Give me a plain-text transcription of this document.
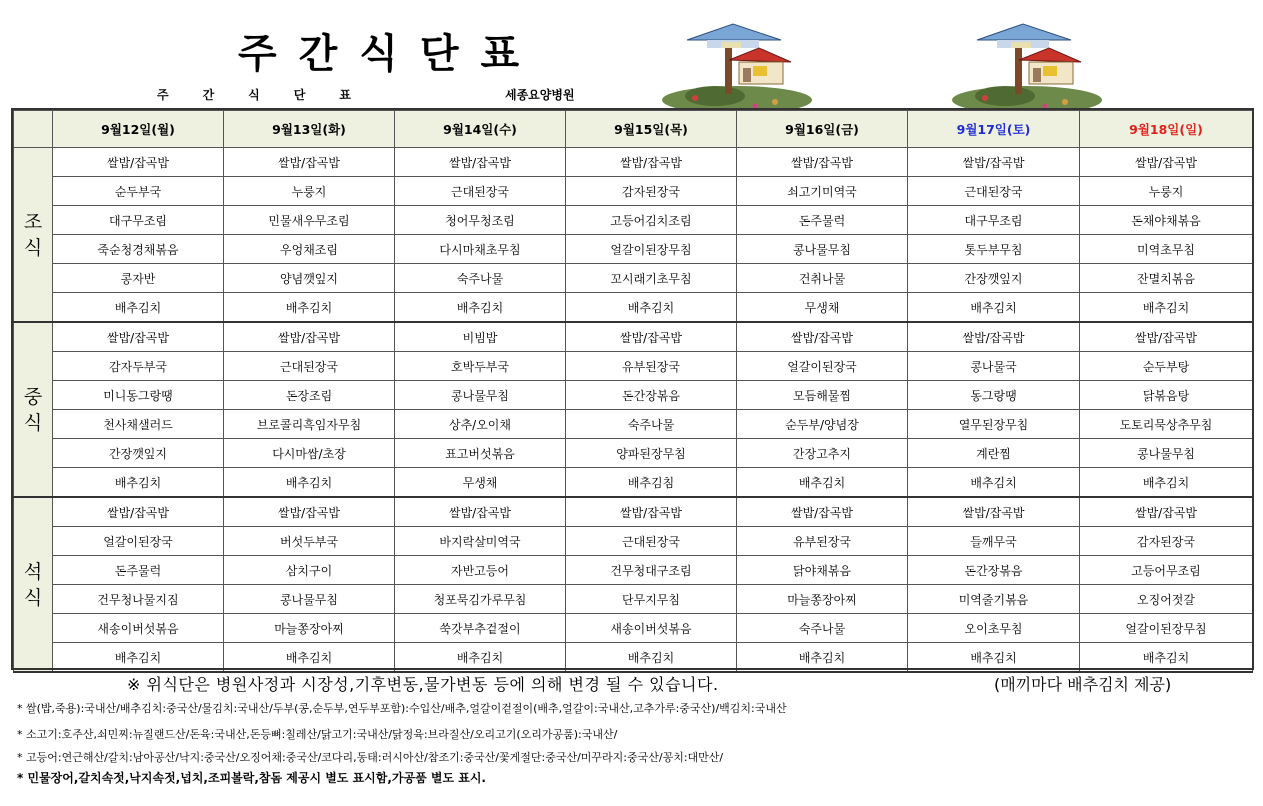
주간식단표
주간식단표	세종요양병원
	9월12일(월)	9월13일(화)	9월14일(수)	9월15일(목)	9월16일(금)	9월17일(토)	9월18일(일)
조
식	쌀밥/잡곡밥	쌀밥/잡곡밥	쌀밥/잡곡밥	쌀밥/잡곡밥	쌀밥/잡곡밥	쌀밥/잡곡밥	쌀밥/잡곡밥
	순두부국	누룽지	근대된장국	감자된장국	쇠고기미역국	근대된장국	누룽지
	대구무조림	민물새우무조림	청어무청조림	고등어김치조림	돈주물럭	대구무조림	돈채야채볶음
	죽순청경채볶음	우엉채조림	다시마채초무침	얼갈이된장무침	콩나물무침	톳두부무침	미역초무침
	콩자반	양념깻잎지	숙주나물	꼬시래기초무침	건취나물	간장깻잎지	잔멸치볶음
	배추김치	배추김치	배추김치	배추김치	무생채	배추김치	배추김치
중
식	쌀밥/잡곡밥	쌀밥/잡곡밥	비빔밥	쌀밥/잡곡밥	쌀밥/잡곡밥	쌀밥/잡곡밥	쌀밥/잡곡밥
	감자두부국	근대된장국	호박두부국	유부된장국	얼갈이된장국	콩나물국	순두부탕
	미니동그랑땡	돈장조림	콩나물무침	돈간장볶음	모듬해물찜	동그랑땡	닭볶음탕
	천사채샐러드	브로콜리흑임자무침	상추/오이채	숙주나물	순두부/양념장	열무된장무침	도토리묵상추무침
	간장깻잎지	다시마쌈/초장	표고버섯볶음	양파된장무침	간장고추지	계란찜	콩나물무침
	배추김치	배추김치	무생채	배추김침	배추김치	배추김치	배추김치
석
식	쌀밥/잡곡밥	쌀밥/잡곡밥	쌀밥/잡곡밥	쌀밥/잡곡밥	쌀밥/잡곡밥	쌀밥/잡곡밥	쌀밥/잡곡밥
	얼갈이된장국	버섯두부국	바지락살미역국	근대된장국	유부된장국	들깨무국	감자된장국
	돈주물럭	삼치구이	자반고등어	건무청대구조림	닭야채볶음	돈간장볶음	고등어무조림
	건무청나물지짐	콩나물무침	청포묵김가루무침	단무지무침	마늘쫑장아찌	미역줄기볶음	오징어젓갈
	새송이버섯볶음	마늘쫑장아찌	쑥갓부추겉절이	새송이버섯볶음	숙주나물	오이초무침	얼갈이된장무침
	배추김치	배추김치	배추김치	배추김치	배추김치	배추김치	배추김치
※ 위식단은 병원사정과 시장성,기후변동,물가변동 등에 의해 변경 될 수 있습니다.	(매끼마다 배추김치 제공)
* 쌀(밥,죽용):국내산/배추김치:중국산/물김치:국내산/두부(콩,순두부,연두부포함):수입산/배추,얼갈이겉절이(배추,얼갈이:국내산,고추가루:중국산)/백김치:국내산
* 소고기:호주산,쇠민찌:뉴질랜드산/돈육:국내산,돈등뼈:칠레산/닭고기:국내산/닭정육:브라질산/오리고기(오리가공품):국내산/
* 고등어:연근해산/갈치:남아공산/낙지:중국산/오징어채:중국산/코다리,동태:러시아산/참조기:중국산/꽃게절단:중국산/미꾸라지:중국산/꽁치:대만산/
* 민물장어,갈치속젓,낙지속젓,넙치,조피볼락,참돔 제공시 별도 표시함,가공품 별도 표시.
